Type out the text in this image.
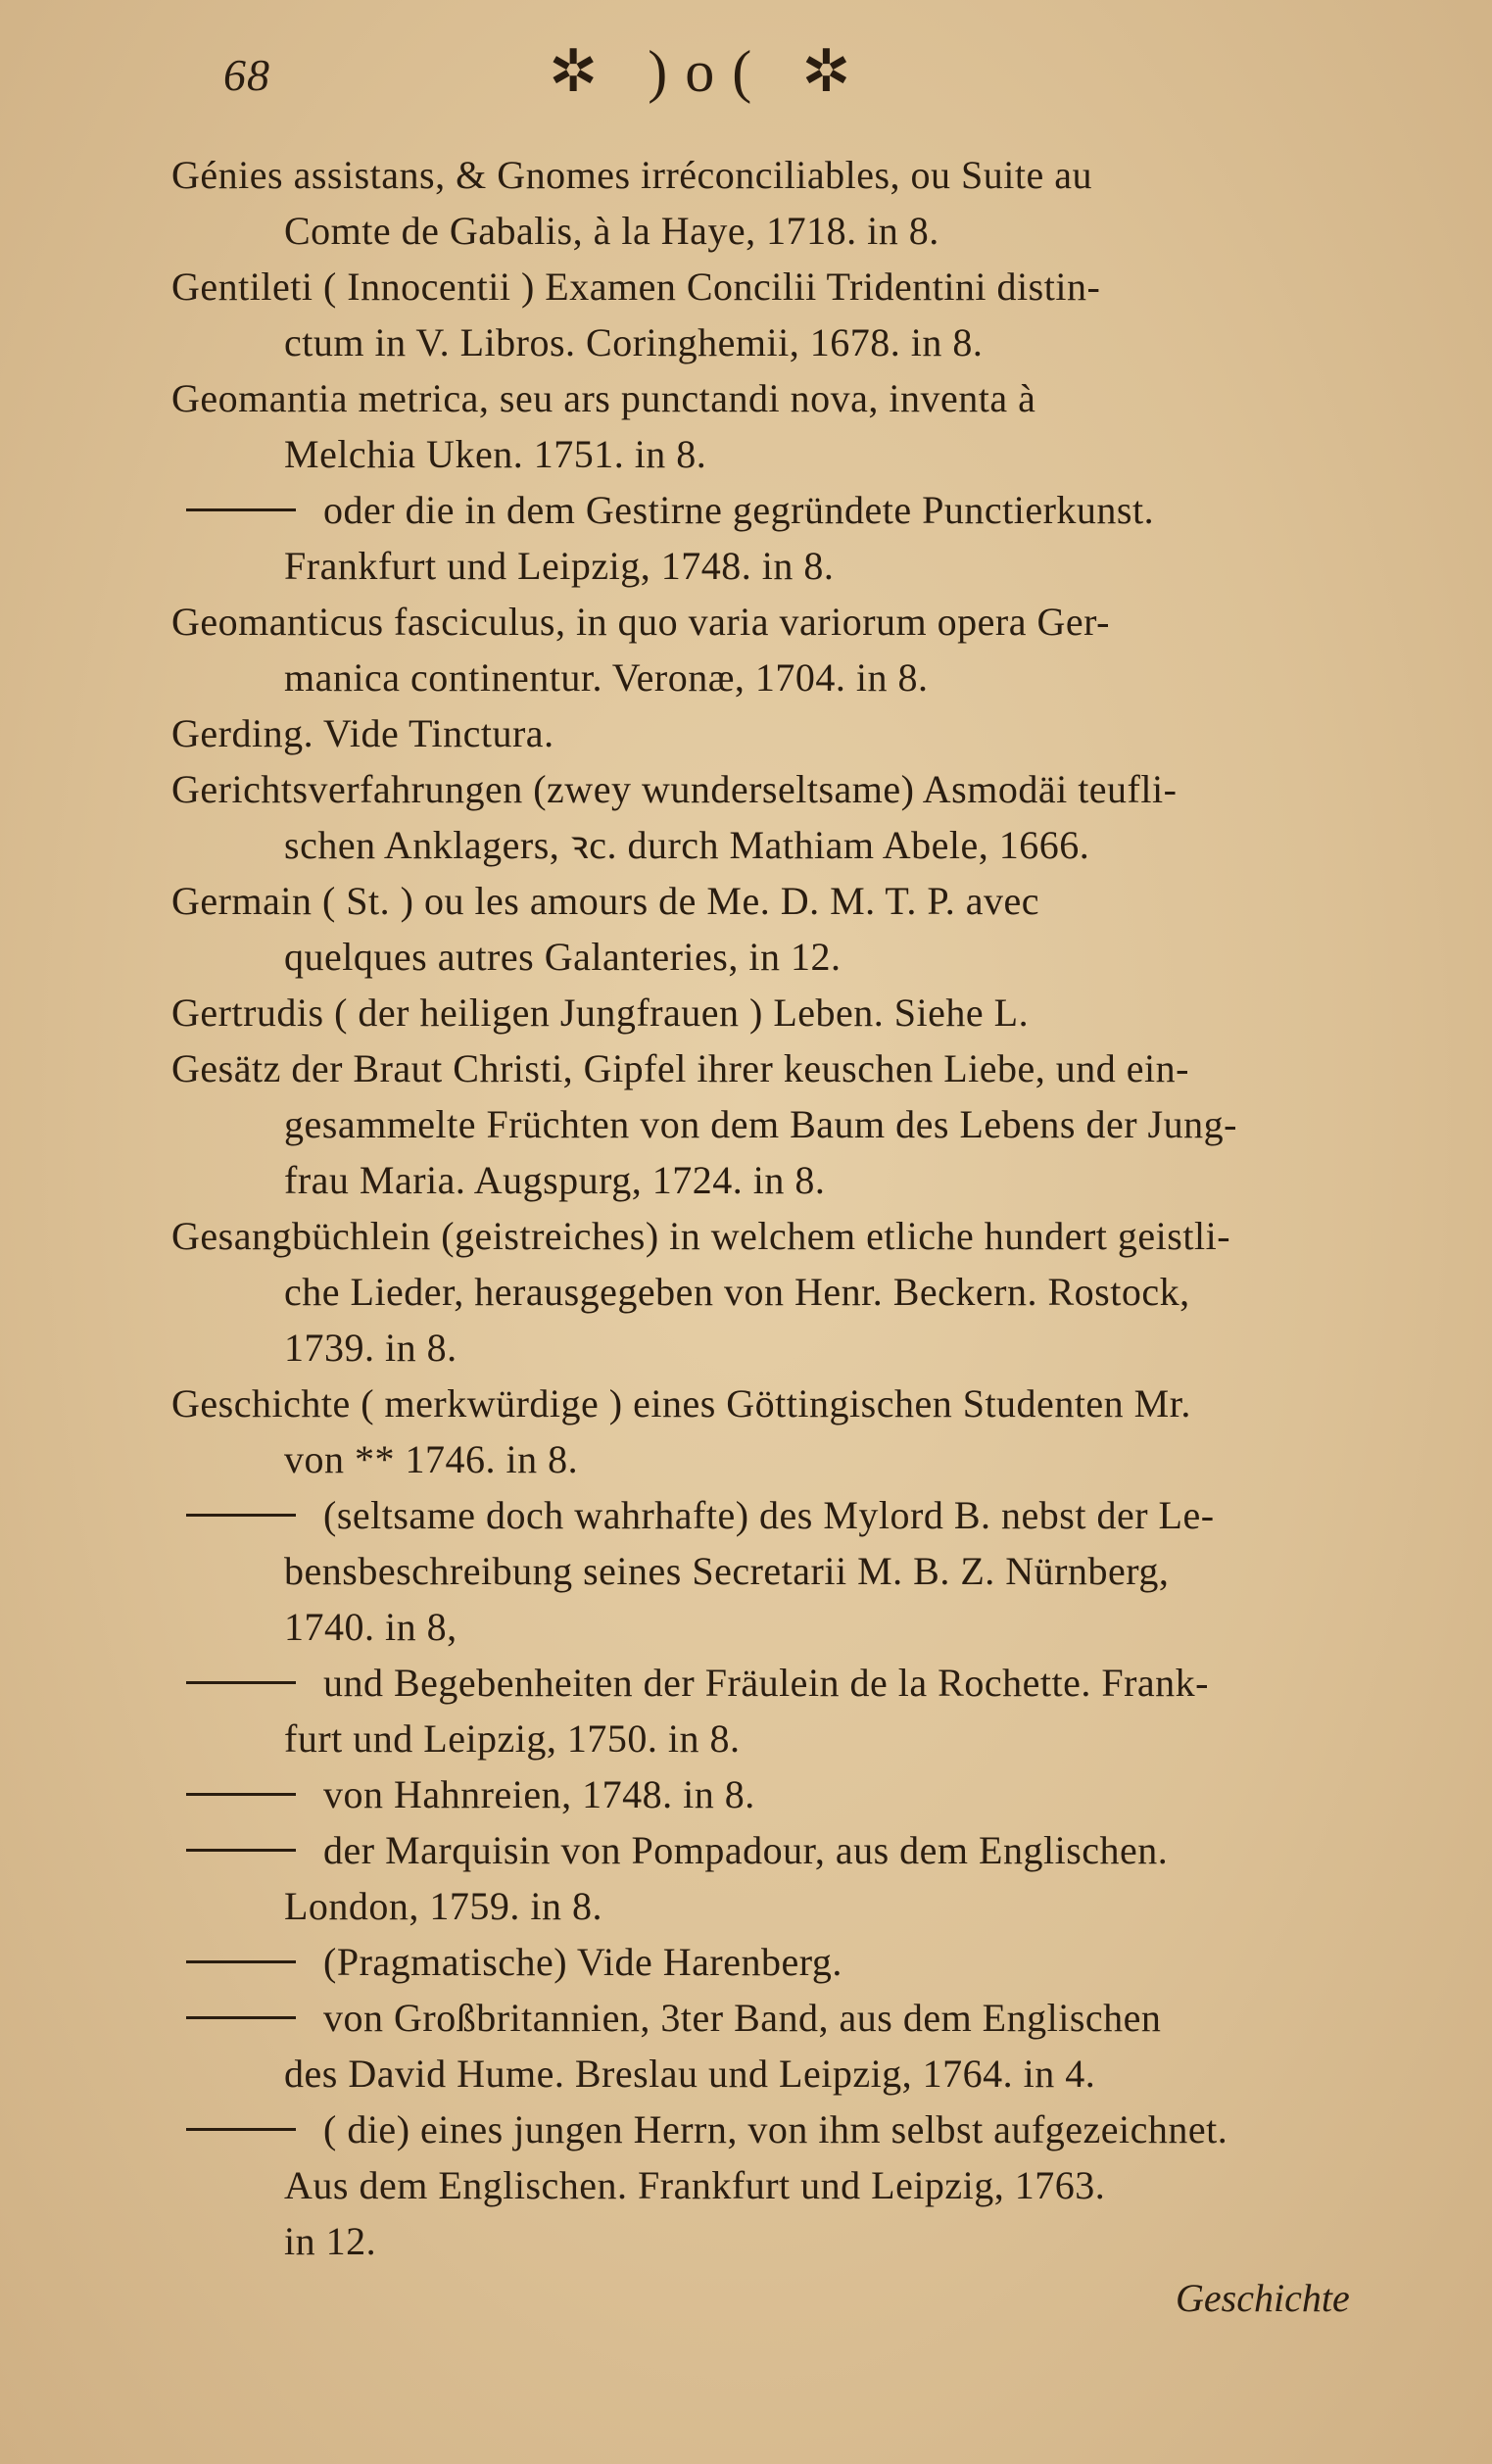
68	✲ )o( ✲
Génies assistans, & Gnomes irréconciliables, ou Suite au
Comte de Gabalis, à la Haye, 1718. in 8.
Gentileti ( Innocentii ) Examen Concilii Tridentini distin-
ctum in V. Libros. Coringhemii, 1678. in 8.
Geomantia metrica, seu ars punctandi nova, inventa à
Melchia Uken. 1751. in 8.
oder die in dem Gestirne gegründete Punctierkunst.
Frankfurt und Leipzig, 1748. in 8.
Geomanticus fasciculus, in quo varia variorum opera Ger-
manica continentur. Veronæ, 1704. in 8.
Gerding. Vide Tinctura.
Gerichtsverfahrungen (zwey wunderseltsame) Asmodäi teufli-
schen Anklagers, ꝛc. durch Mathiam Abele, 1666.
Germain ( St. ) ou les amours de Me. D. M. T. P. avec
quelques autres Galanteries, in 12.
Gertrudis ( der heiligen Jungfrauen ) Leben. Siehe L.
Gesätz der Braut Christi, Gipfel ihrer keuschen Liebe, und ein-
gesammelte Früchten von dem Baum des Lebens der Jung-
frau Maria. Augspurg, 1724. in 8.
Gesangbüchlein (geistreiches) in welchem etliche hundert geistli-
che Lieder, herausgegeben von Henr. Beckern. Rostock,
1739. in 8.
Geschichte ( merkwürdige ) eines Göttingischen Studenten Mr.
von ** 1746. in 8.
(seltsame doch wahrhafte) des Mylord B. nebst der Le-
bensbeschreibung seines Secretarii M. B. Z. Nürnberg,
1740. in 8,
und Begebenheiten der Fräulein de la Rochette. Frank-
furt und Leipzig, 1750. in 8.
von Hahnreien, 1748. in 8.
der Marquisin von Pompadour, aus dem Englischen.
London, 1759. in 8.
(Pragmatische) Vide Harenberg.
von Großbritannien, 3ter Band, aus dem Englischen
des David Hume. Breslau und Leipzig, 1764. in 4.
( die) eines jungen Herrn, von ihm selbst aufgezeichnet.
Aus dem Englischen. Frankfurt und Leipzig, 1763.
in 12.
Geschichte
